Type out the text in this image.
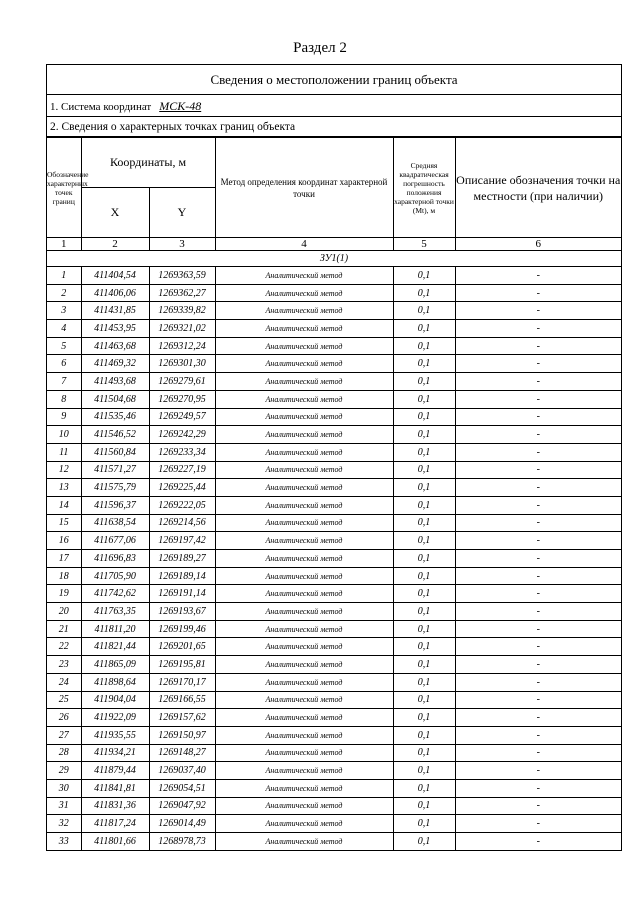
Раздел 2
Сведения о местоположении границ объекта
1. Система координат МСК-48
2. Сведения о характерных точках границ объекта
Обозначение характерных точек границ	Координаты, м		Метод определения координат характерной точки	Средняя квадратическая погрешность положения характерной точки (Mt), м	Описание обозначения точки на местности (при наличии)
	X	Y			
1	2	3	4	5	6
ЗУ1(1)					
1	411404,54	1269363,59	Аналитический метод	0,1	-
2	411406,06	1269362,27	Аналитический метод	0,1	-
3	411431,85	1269339,82	Аналитический метод	0,1	-
4	411453,95	1269321,02	Аналитический метод	0,1	-
5	411463,68	1269312,24	Аналитический метод	0,1	-
6	411469,32	1269301,30	Аналитический метод	0,1	-
7	411493,68	1269279,61	Аналитический метод	0,1	-
8	411504,68	1269270,95	Аналитический метод	0,1	-
9	411535,46	1269249,57	Аналитический метод	0,1	-
10	411546,52	1269242,29	Аналитический метод	0,1	-
11	411560,84	1269233,34	Аналитический метод	0,1	-
12	411571,27	1269227,19	Аналитический метод	0,1	-
13	411575,79	1269225,44	Аналитический метод	0,1	-
14	411596,37	1269222,05	Аналитический метод	0,1	-
15	411638,54	1269214,56	Аналитический метод	0,1	-
16	411677,06	1269197,42	Аналитический метод	0,1	-
17	411696,83	1269189,27	Аналитический метод	0,1	-
18	411705,90	1269189,14	Аналитический метод	0,1	-
19	411742,62	1269191,14	Аналитический метод	0,1	-
20	411763,35	1269193,67	Аналитический метод	0,1	-
21	411811,20	1269199,46	Аналитический метод	0,1	-
22	411821,44	1269201,65	Аналитический метод	0,1	-
23	411865,09	1269195,81	Аналитический метод	0,1	-
24	411898,64	1269170,17	Аналитический метод	0,1	-
25	411904,04	1269166,55	Аналитический метод	0,1	-
26	411922,09	1269157,62	Аналитический метод	0,1	-
27	411935,55	1269150,97	Аналитический метод	0,1	-
28	411934,21	1269148,27	Аналитический метод	0,1	-
29	411879,44	1269037,40	Аналитический метод	0,1	-
30	411841,81	1269054,51	Аналитический метод	0,1	-
31	411831,36	1269047,92	Аналитический метод	0,1	-
32	411817,24	1269014,49	Аналитический метод	0,1	-
33	411801,66	1268978,73	Аналитический метод	0,1	-
